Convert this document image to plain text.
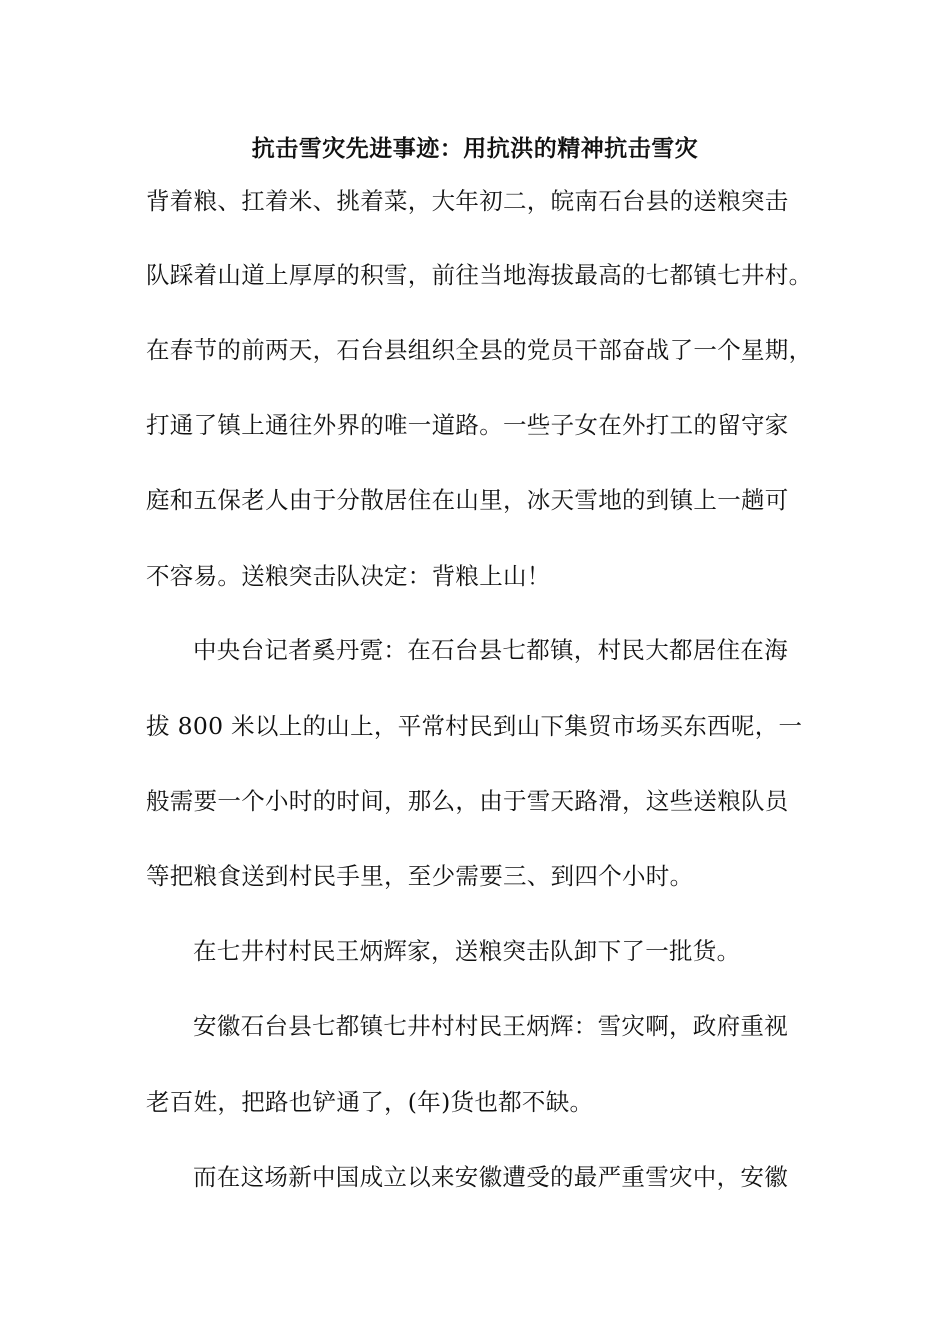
抗击雪灾先进事迹：用抗洪的精神抗击雪灾
背着粮、扛着米、挑着菜，大年初二，皖南石台县的送粮突击
队踩着山道上厚厚的积雪，前往当地海拔最高的七都镇七井村。
在春节的前两天，石台县组织全县的党员干部奋战了一个星期，
打通了镇上通往外界的唯一道路。一些子女在外打工的留守家
庭和五保老人由于分散居住在山里，冰天雪地的到镇上一趟可
不容易。送粮突击队决定：背粮上山！
中央台记者奚丹霓：在石台县七都镇，村民大都居住在海
拔 800 米以上的山上，平常村民到山下集贸市场买东西呢，一
般需要一个小时的时间，那么，由于雪天路滑，这些送粮队员
等把粮食送到村民手里，至少需要三、到四个小时。
在七井村村民王炳辉家，送粮突击队卸下了一批货。
安徽石台县七都镇七井村村民王炳辉：雪灾啊，政府重视
老百姓，把路也铲通了，(年)货也都不缺。
而在这场新中国成立以来安徽遭受的最严重雪灾中，安徽
